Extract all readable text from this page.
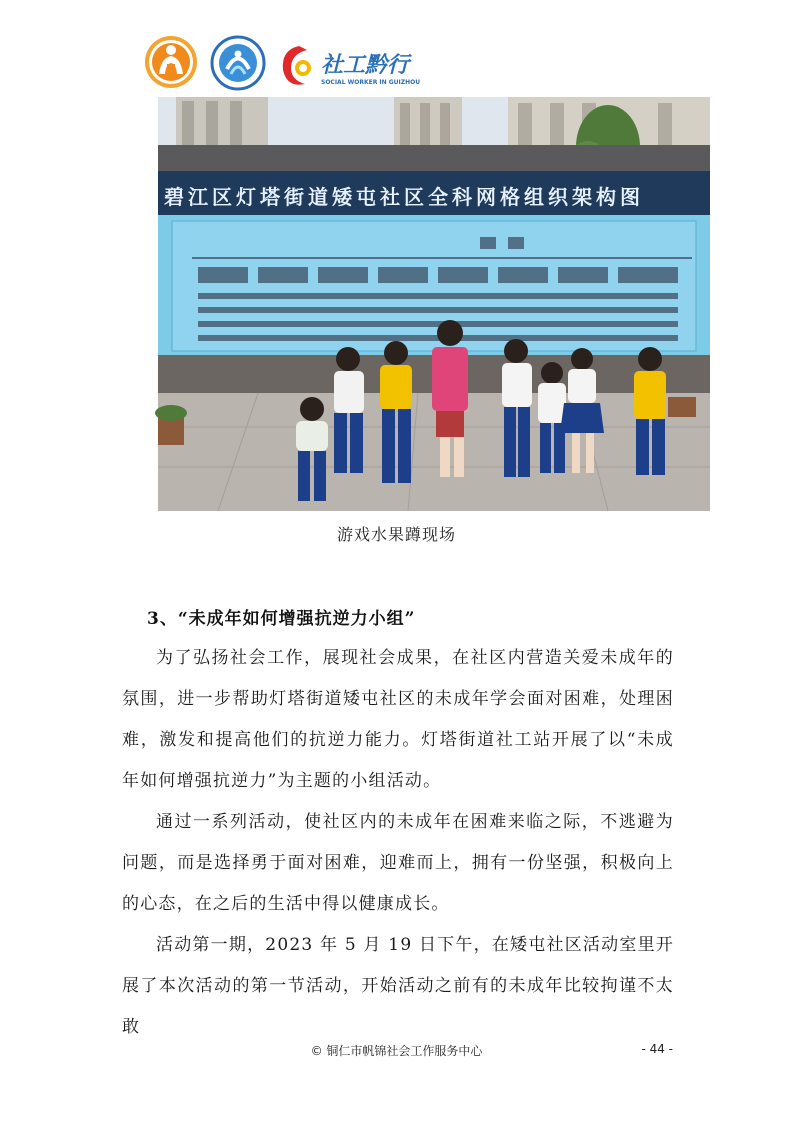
社工黔行
SOCIAL WORKER IN GUIZHOU
碧江区灯塔街道矮屯社区全科网格组织架构图
游戏水果蹲现场
3、“未成年如何增强抗逆力小组”

为了弘扬社会工作，展现社会成果，在社区内营造关爱未成年的氛围，进一步帮助灯塔街道矮屯社区的未成年学会面对困难，处理困难，激发和提高他们的抗逆力能力。灯塔街道社工站开展了以“未成年如何增强抗逆力”为主题的小组活动。

通过一系列活动，使社区内的未成年在困难来临之际，不逃避为问题，而是选择勇于面对困难，迎难而上，拥有一份坚强，积极向上的心态，在之后的生活中得以健康成长。

活动第一期，2023 年 5 月 19 日下午，在矮屯社区活动室里开展了本次活动的第一节活动，开始活动之前有的未成年比较拘谨不太敢

© 铜仁市帆锦社会工作服务中心	- 44 -
